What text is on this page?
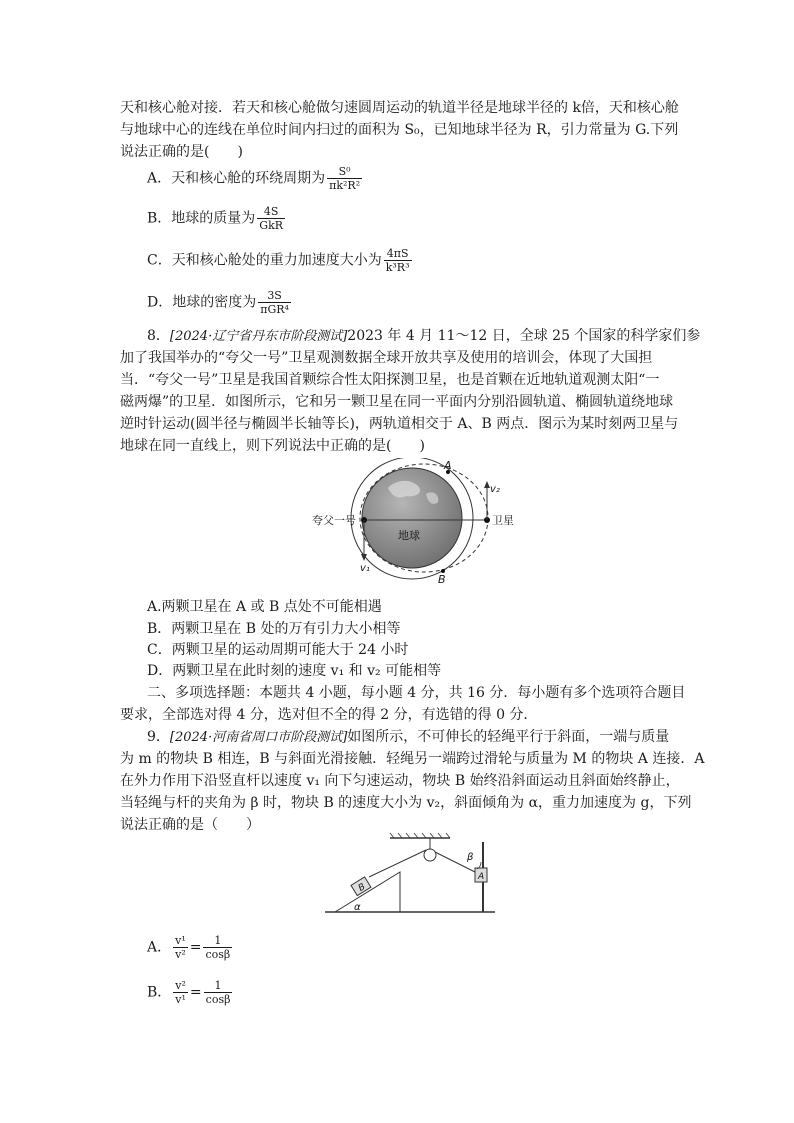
天和核心舱对接．若天和核心舱做匀速圆周运动的轨道半径是地球半径的 k倍，天和核心舱
与地球中心的连线在单位时间内扫过的面积为 S₀，已知地球半径为 R，引力常量为 G.下列
说法正确的是(　　)
A．天和核心舱的环绕周期为 $\frac{\text{S⁰}}{\text{πk²R²}}$
B．地球的质量为 $\frac{4S}{\text{GkR}}$
C．天和核心舱处的重力加速度大小为 $\frac{4\pi S}{\text{k³R³}}$
D．地球的密度为 $\frac{3S}{\text{πGR⁴}}$
8．[2024·辽宁省丹东市阶段测试]2023 年 4 月 11～12 日，全球 25 个国家的科学家们参
加了我国举办的“夸父一号”卫星观测数据全球开放共享及使用的培训会，体现了大国担
当．“夸父一号”卫星是我国首颗综合性太阳探测卫星，也是首颗在近地轨道观测太阳“一
磁两爆”的卫星．如图所示，它和另一颗卫星在同一平面内分别沿圆轨道、椭圆轨道绕地球
逆时针运动(圆半径与椭圆半长轴等长)，两轨道相交于 A、B 两点．图示为某时刻两卫星与
地球在同一直线上，则下列说法中正确的是(　　)
夸父一号
地球
卫星
A
B
v₁
v₂
A.两颗卫星在 A 或 B 点处不可能相遇
B．两颗卫星在 B 处的万有引力大小相等
C．两颗卫星的运动周期可能大于 24 小时
D．两颗卫星在此时刻的速度 v₁ 和 v₂ 可能相等
二、多项选择题：本题共 4 小题，每小题 4 分，共 16 分．每小题有多个选项符合题目
要求，全部选对得 4 分，选对但不全的得 2 分，有选错的得 0 分．
9．[2024·河南省周口市阶段测试]如图所示，不可伸长的轻绳平行于斜面，一端与质量
为 m 的物块 B 相连，B 与斜面光滑接触．轻绳另一端跨过滑轮与质量为 M 的物块 A 连接．A
在外力作用下沿竖直杆以速度 v₁ 向下匀速运动，物块 B 始终沿斜面运动且斜面始终静止，
当轻绳与杆的夹角为 β 时，物块 B 的速度大小为 v₂，斜面倾角为 α，重力加速度为 g，下列
说法正确的是（　　）
B
A
α
β
A． $\frac{\text{v¹}}{\text{v²}} = \frac{1}{\cos\beta}$
B． $\frac{\text{v²}}{\text{v¹}} = \frac{1}{\cos\beta}$
